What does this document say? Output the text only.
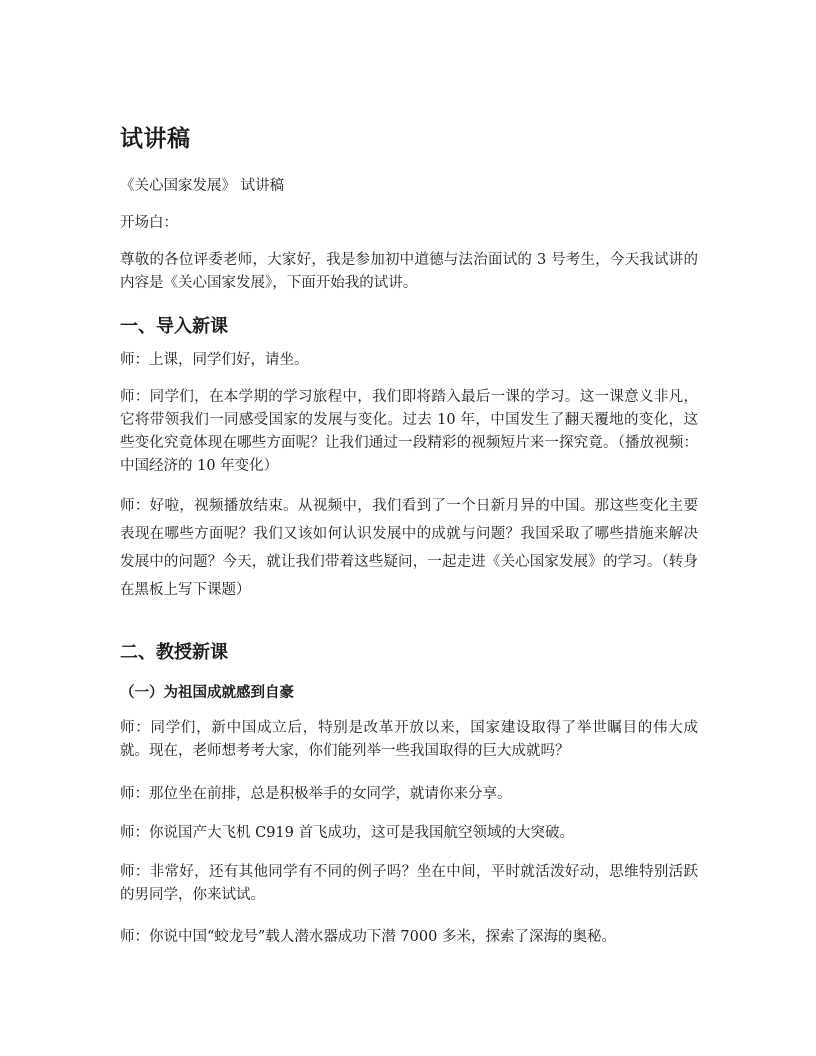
试讲稿

《关心国家发展》 试讲稿

开场白：

尊敬的各位评委老师，大家好，我是参加初中道德与法治面试的 3 号考生，今天我试讲的内容是《关心国家发展》，下面开始我的试讲。

一、导入新课

师：上课，同学们好，请坐。

师：同学们，在本学期的学习旅程中，我们即将踏入最后一课的学习。这一课意义非凡，它将带领我们一同感受国家的发展与变化。过去 10 年，中国发生了翻天覆地的变化，这些变化究竟体现在哪些方面呢？让我们通过一段精彩的视频短片来一探究竟。（播放视频：中国经济的 10 年变化）

师：好啦，视频播放结束。从视频中，我们看到了一个日新月异的中国。那这些变化主要表现在哪些方面呢？我们又该如何认识发展中的成就与问题？我国采取了哪些措施来解决发展中的问题？今天，就让我们带着这些疑问，一起走进《关心国家发展》的学习。（转身在黑板上写下课题）

二、教授新课
（一）为祖国成就感到自豪

师：同学们，新中国成立后，特别是改革开放以来，国家建设取得了举世瞩目的伟大成就。现在，老师想考考大家，你们能列举一些我国取得的巨大成就吗？

师：那位坐在前排，总是积极举手的女同学，就请你来分享。

师：你说国产大飞机 C919 首飞成功，这可是我国航空领域的大突破。

师：非常好，还有其他同学有不同的例子吗？坐在中间，平时就活泼好动，思维特别活跃的男同学，你来试试。

师：你说中国“蛟龙号”载人潜水器成功下潜 7000 多米，探索了深海的奥秘。
